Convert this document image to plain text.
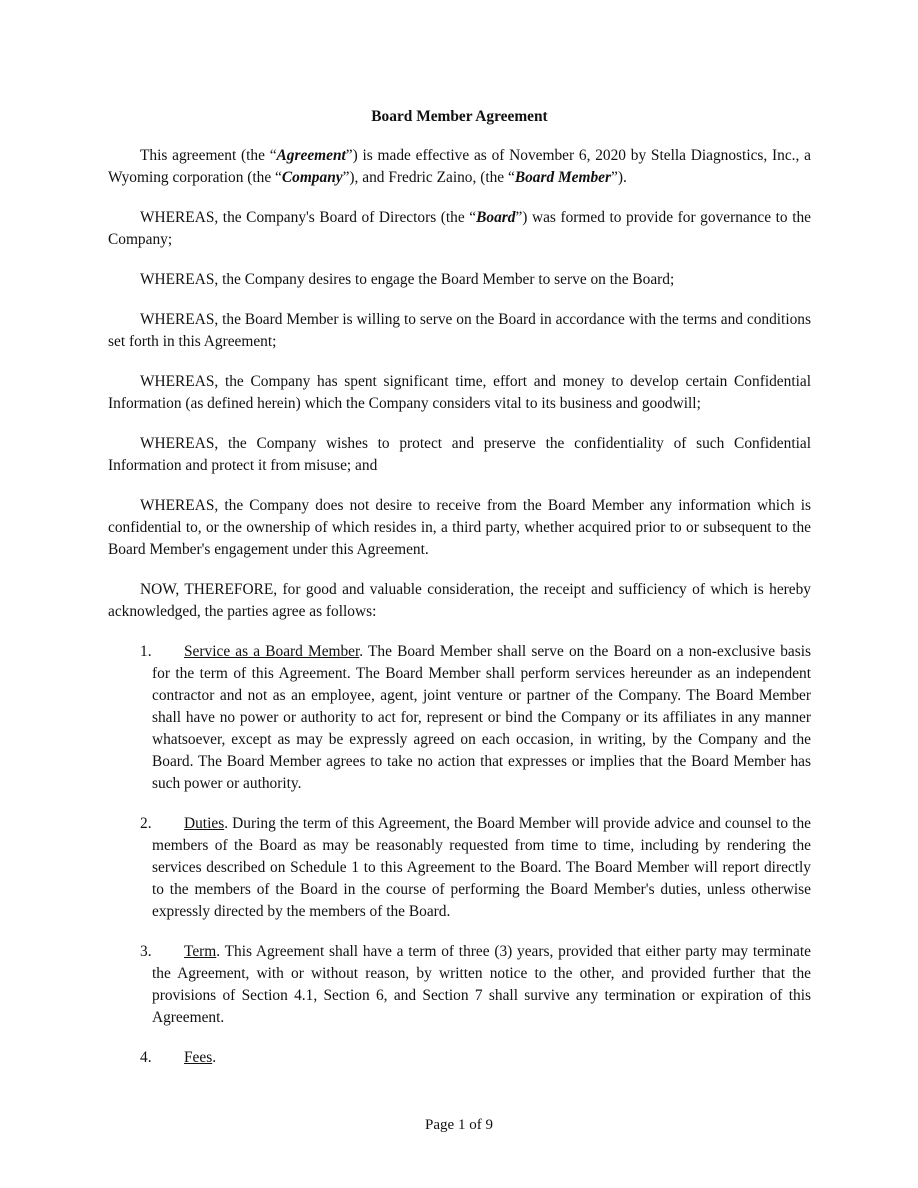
Board Member Agreement

This agreement (the “Agreement”) is made effective as of November 6, 2020 by Stella Diagnostics, Inc., a Wyoming corporation (the “Company”), and Fredric Zaino, (the “Board Member”).

WHEREAS, the Company's Board of Directors (the “Board”) was formed to provide for governance to the Company;

WHEREAS, the Company desires to engage the Board Member to serve on the Board;

WHEREAS, the Board Member is willing to serve on the Board in accordance with the terms and conditions set forth in this Agreement;

WHEREAS, the Company has spent significant time, effort and money to develop certain Confidential Information (as defined herein) which the Company considers vital to its business and goodwill;

WHEREAS, the Company wishes to protect and preserve the confidentiality of such Confidential Information and protect it from misuse; and

WHEREAS, the Company does not desire to receive from the Board Member any information which is confidential to, or the ownership of which resides in, a third party, whether acquired prior to or subsequent to the Board Member's engagement under this Agreement.

NOW, THEREFORE, for good and valuable consideration, the receipt and sufficiency of which is hereby acknowledged, the parties agree as follows:

1. Service as a Board Member. The Board Member shall serve on the Board on a non-exclusive basis for the term of this Agreement. The Board Member shall perform services hereunder as an independent contractor and not as an employee, agent, joint venture or partner of the Company. The Board Member shall have no power or authority to act for, represent or bind the Company or its affiliates in any manner whatsoever, except as may be expressly agreed on each occasion, in writing, by the Company and the Board. The Board Member agrees to take no action that expresses or implies that the Board Member has such power or authority.
2. Duties. During the term of this Agreement, the Board Member will provide advice and counsel to the members of the Board as may be reasonably requested from time to time, including by rendering the services described on Schedule 1 to this Agreement to the Board. The Board Member will report directly to the members of the Board in the course of performing the Board Member's duties, unless otherwise expressly directed by the members of the Board.
3. Term. This Agreement shall have a term of three (3) years, provided that either party may terminate the Agreement, with or without reason, by written notice to the other, and provided further that the provisions of Section 4.1, Section 6, and Section 7 shall survive any termination or expiration of this Agreement.
4. Fees.
Page 1 of 9
